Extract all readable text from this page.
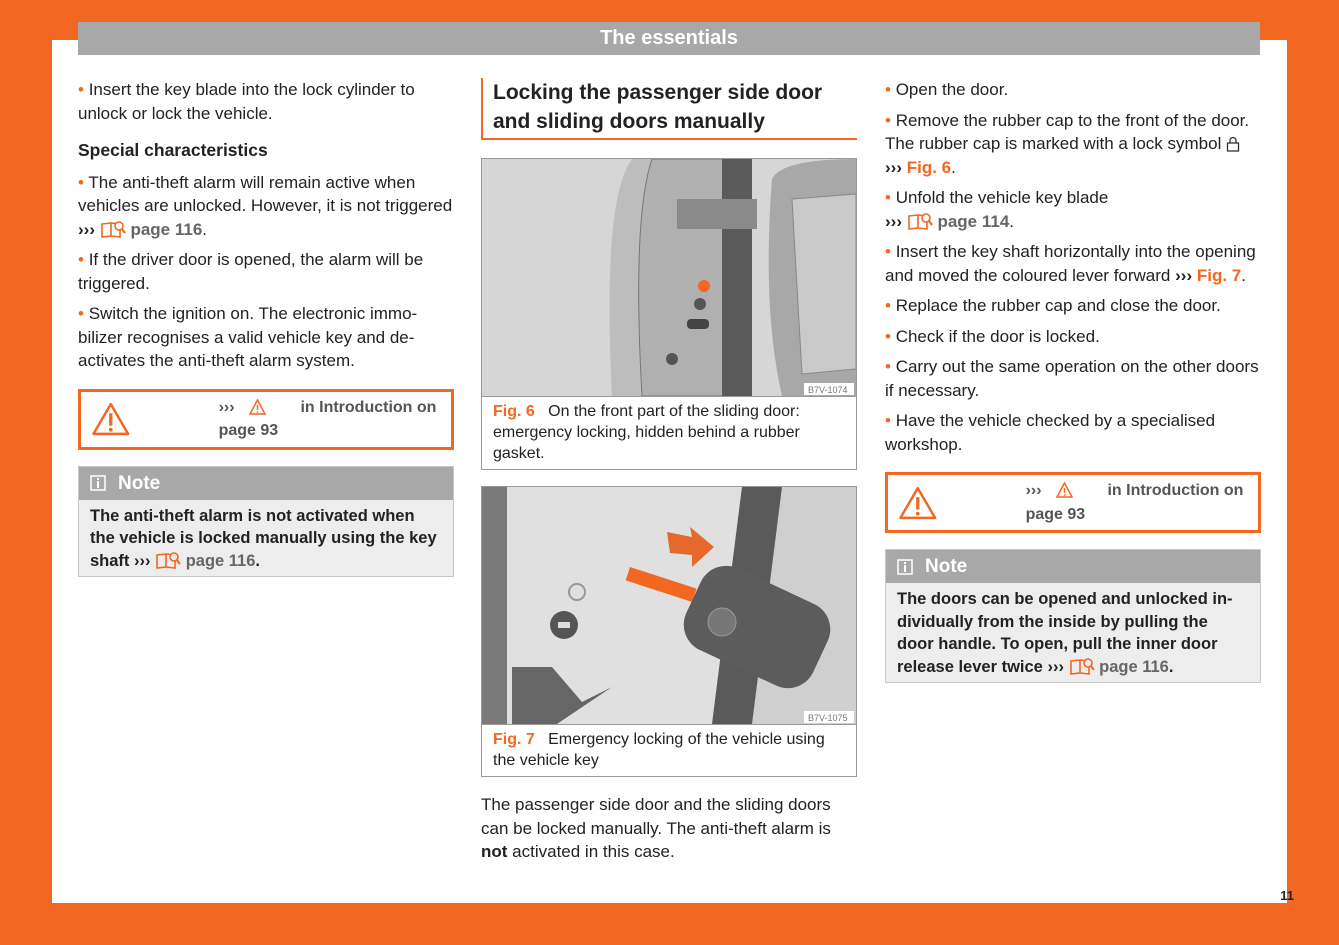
The essentials

• Insert the key blade into the lock cylinder to unlock or lock the vehicle.

Special characteristics

• The anti-theft alarm will remain active when vehicles are unlocked. However, it is not triggered ››› page 116.

• If the driver door is opened, the alarm will be triggered.

• Switch the ignition on. The electronic immobilizer recognises a valid vehicle key and deactivates the anti-theft alarm system.

›››	in Introduction on page 93
Note
The anti-theft alarm is not activated when the vehicle is locked manually using the key shaft ››› page 116.
Locking the passenger side door and sliding doors manually
B7V-1074
Fig. 6 On the front part of the sliding door: emergency locking, hidden behind a rubber gasket.
B7V-1075
Fig. 7 Emergency locking of the vehicle using the vehicle key

The passenger side door and the sliding doors can be locked manually. The anti-theft alarm is not activated in this case.

• Open the door.

• Remove the rubber cap to the front of the door. The rubber cap is marked with a lock symbol  ››› Fig. 6.

• Unfold the vehicle key blade
››› page 114.

• Insert the key shaft horizontally into the opening and moved the coloured lever forward ››› Fig. 7.

• Replace the rubber cap and close the door.

• Check if the door is locked.

• Carry out the same operation on the other doors if necessary.

• Have the vehicle checked by a specialised workshop.

›››	in Introduction on page 93
Note
The doors can be opened and unlocked individually from the inside by pulling the door handle. To open, pull the inner door release lever twice ››› page 116.
11
